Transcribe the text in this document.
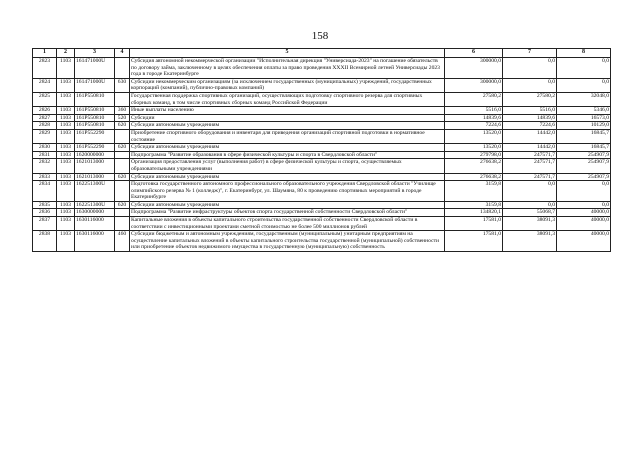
158
1	2	3	4	5	6	7	8
2823	1103	161471000U		Субсидия автономной некоммерческой организации "Исполнительная дирекция "Универсиада-2023" на погашение обязательств по договору займа, заключенному в целях обеспечения оплаты за право проведения XXXII Всемирной летней Универсиады 2023 года в городе Екатеринбурге	300000,0	0,0	0,0
2824	1103	161471000U	630	Субсидии некоммерческим организациям (за исключением государственных (муниципальных) учреждений, государственных корпораций (компаний), публично-правовых компаний)	300000,0	0,0	0,0
2825	1103	161P550810		Государственная поддержка спортивных организаций, осуществляющих подготовку спортивного резерва для спортивных сборных команд, в том числе спортивных сборных команд Российской Федерации	27580,2	27580,2	32048,0
2826	1103	161P550810	360	Иные выплаты населению	5516,0	5516,0	5346,0
2827	1103	161P550810	520	Субсидии	14839,6	14839,6	16573,0
2828	1103	161P550810	620	Субсидии автономным учреждениям	7224,6	7224,6	10129,0
2829	1103	161P552290		Приобретение спортивного оборудования и инвентаря для приведения организаций спортивной подготовки в нормативное состояние	13520,0	14442,0	16845,7
2830	1103	161P552290	620	Субсидии автономным учреждениям	13520,0	14442,0	16845,7
2831	1103	1620000000		Подпрограмма "Развитие образования в сфере физической культуры и спорта в Свердловской области"	279798,0	247571,7	254907,9
2832	1103	1621013000		Организация предоставления услуг (выполнения работ) в сфере физической культуры и спорта, осуществляемых образовательными учреждениями	276638,2	247571,7	254907,9
2833	1103	1621013000	620	Субсидии автономным учреждениям	276638,2	247571,7	254907,9
2834	1103	162251300U		Подготовка государственного автономного профессионального образовательного учреждения Свердловской области "Училище олимпийского резерва № 1 (колледж)", г. Екатеринбург, ул. Шаумяна, 80 к проведению спортивных мероприятий в городе Екатеринбурге	3159,8	0,0	0,0
2835	1103	162251300U	620	Субсидии автономным учреждениям	3159,8	0,0	0,0
2836	1103	1630000000		Подпрограмма "Развитие инфраструктуры объектов спорта государственной собственности Свердловской области"	134820,1	55068,7	40000,0
2837	1103	1630116000		Капитальные вложения в объекты капитального строительства государственной собственности Свердловской области в соответствии с инвестиционными проектами сметной стоимостью не более 500 миллионов рублей	17581,0	38091,3	40000,0
2838	1103	1630116000	460	Субсидии бюджетным и автономным учреждениям, государственным (муниципальным) унитарным предприятиям на осуществление капитальных вложений в объекты капитального строительства государственной (муниципальной) собственности или приобретение объектов недвижимого имущества в государственную (муниципальную) собственность	17581,0	38091,3	40000,0
